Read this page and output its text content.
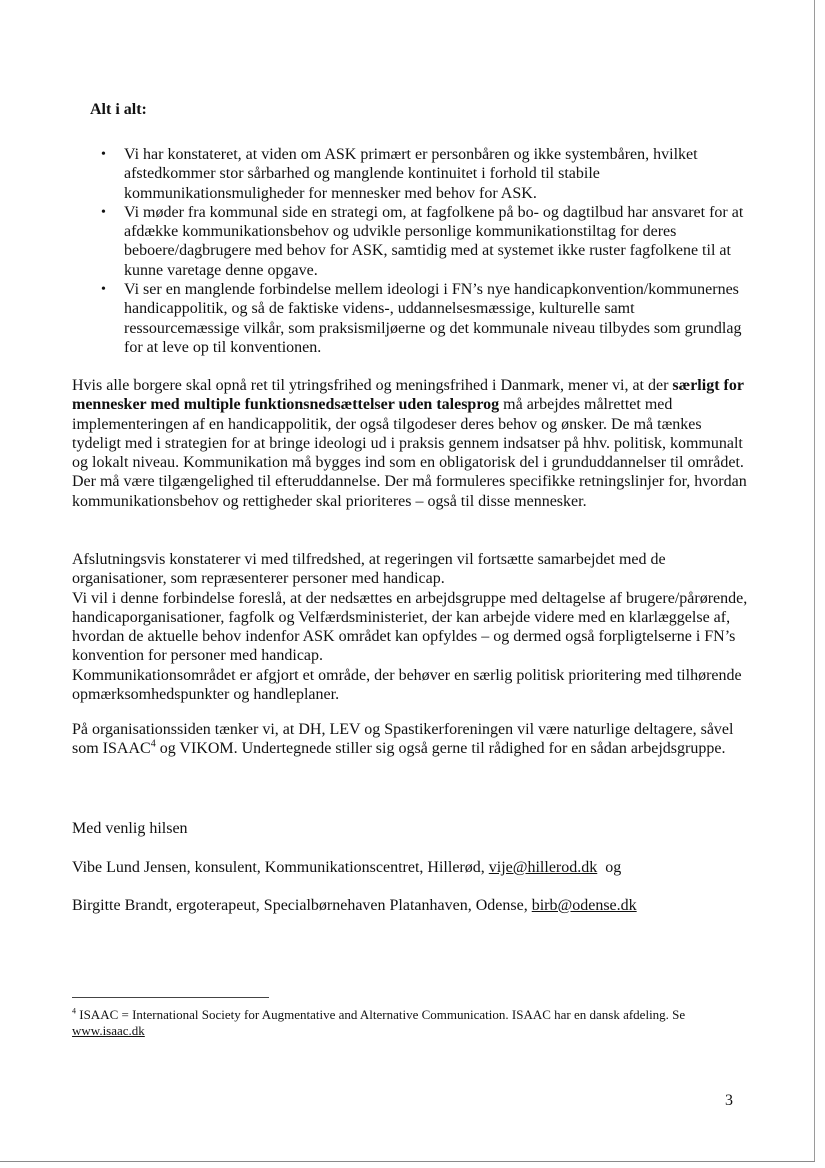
Alt i alt:
• Vi har konstateret, at viden om ASK primært er personbåren og ikke systembåren, hvilket afstedkommer stor sårbarhed og manglende kontinuitet i forhold til stabile kommunikationsmuligheder for mennesker med behov for ASK.
• Vi møder fra kommunal side en strategi om, at fagfolkene på bo- og dagtilbud har ansvaret for at afdække kommunikationsbehov og udvikle personlige kommunikationstiltag for deres beboere/dagbrugere med behov for ASK, samtidig med at systemet ikke ruster fagfolkene til at kunne varetage denne opgave.
• Vi ser en manglende forbindelse mellem ideologi i FN’s nye handicapkonvention/kommunernes handicappolitik, og så de faktiske videns-, uddannelsesmæssige, kulturelle samt ressourcemæssige vilkår, som praksismiljøerne og det kommunale niveau tilbydes som grundlag for at leve op til konventionen.

Hvis alle borgere skal opnå ret til ytringsfrihed og meningsfrihed i Danmark, mener vi, at der særligt for mennesker med multiple funktionsnedsættelser uden talesprog må arbejdes målrettet med implementeringen af en handicappolitik, der også tilgodeser deres behov og ønsker. De må tænkes tydeligt med i strategien for at bringe ideologi ud i praksis gennem indsatser på hhv. politisk, kommunalt og lokalt niveau. Kommunikation må bygges ind som en obligatorisk del i grunduddannelser til området. Der må være tilgængelighed til efteruddannelse. Der må formuleres specifikke retningslinjer for, hvordan kommunikationsbehov og rettigheder skal prioriteres – også til disse mennesker.

Afslutningsvis konstaterer vi med tilfredshed, at regeringen vil fortsætte samarbejdet med de organisationer, som repræsenterer personer med handicap.
Vi vil i denne forbindelse foreslå, at der nedsættes en arbejdsgruppe med deltagelse af brugere/pårørende, handicaporganisationer, fagfolk og Velfærdsministeriet, der kan arbejde videre med en klarlæggelse af, hvordan de aktuelle behov indenfor ASK området kan opfyldes – og dermed også forpligtelserne i FN’s konvention for personer med handicap.
Kommunikationsområdet er afgjort et område, der behøver en særlig politisk prioritering med tilhørende opmærksomhedspunkter og handleplaner.

På organisationssiden tænker vi, at DH, LEV og Spastikerforeningen vil være naturlige deltagere, såvel som ISAAC$^4$ og VIKOM. Undertegnede stiller sig også gerne til rådighed for en sådan arbejdsgruppe.

Med venlig hilsen

Vibe Lund Jensen, konsulent, Kommunikationscentret, Hillerød, vije@hillerod.dk  og

Birgitte Brandt, ergoterapeut, Specialbørnehaven Platanhaven, Odense, birb@odense.dk

$^4$ ISAAC = International Society for Augmentative and Alternative Communication. ISAAC har en dansk afdeling. Se www.isaac.dk

3
